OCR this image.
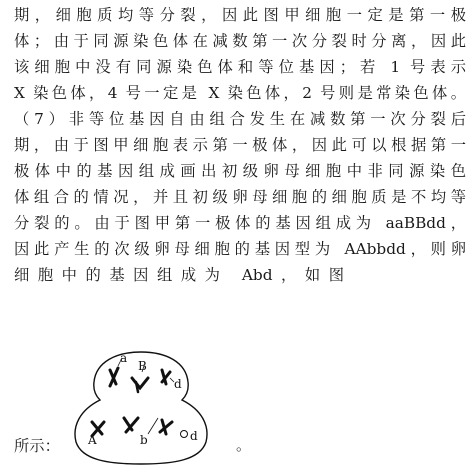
期，细胞质均等分裂，因此图甲细胞一定是第一极
体；由于同源染色体在减数第一次分裂时分离，因此
该细胞中没有同源染色体和等位基因；若 1 号表示
X 染色体，4 号一定是 X 染色体，2 号则是常染色体。
（7）非等位基因自由组合发生在减数第一次分裂后
期，由于图甲细胞表示第一极体，因此可以根据第一
极体中的基因组成画出初级卵母细胞中非同源染色
体组合的情况，并且初级卵母细胞的细胞质是不均等
分裂的。由于图甲第一极体的基因组成为 aaBBdd，
因此产生的次级卵母细胞的基因型为 AAbbdd，则卵
细胞中的基因组成为 Abd，如图
a
B
d
A	b	d
所示：	。
